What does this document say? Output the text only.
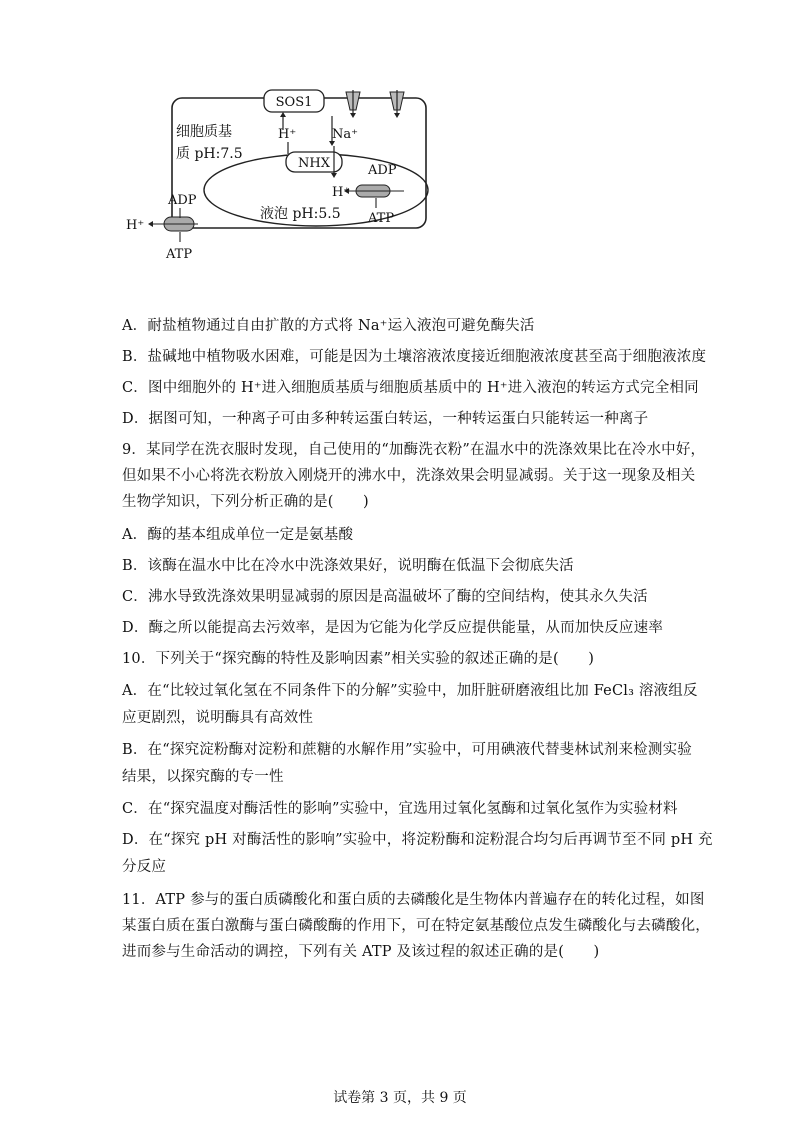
SOS1
细胞质基
质 pH:7.5
H⁺	Na⁺
NHX
液泡 pH:5.5
ADP
H⁺
ATP
ADP
H⁺
ATP
A．耐盐植物通过自由扩散的方式将 Na⁺运入液泡可避免酶失活
B．盐碱地中植物吸水困难，可能是因为土壤溶液浓度接近细胞液浓度甚至高于细胞液浓度
C．图中细胞外的 H⁺进入细胞质基质与细胞质基质中的 H⁺进入液泡的转运方式完全相同
D．据图可知，一种离子可由多种转运蛋白转运，一种转运蛋白只能转运一种离子
9．某同学在洗衣服时发现，自己使用的“加酶洗衣粉”在温水中的洗涤效果比在冷水中好，
但如果不小心将洗衣粉放入刚烧开的沸水中，洗涤效果会明显减弱。关于这一现象及相关
生物学知识，下列分析正确的是(　　)
A．酶的基本组成单位一定是氨基酸
B．该酶在温水中比在冷水中洗涤效果好，说明酶在低温下会彻底失活
C．沸水导致洗涤效果明显减弱的原因是高温破坏了酶的空间结构，使其永久失活
D．酶之所以能提高去污效率，是因为它能为化学反应提供能量，从而加快反应速率
10．下列关于“探究酶的特性及影响因素”相关实验的叙述正确的是(　　)
A．在“比较过氧化氢在不同条件下的分解”实验中，加肝脏研磨液组比加 FeCl₃ 溶液组反
应更剧烈，说明酶具有高效性
B．在“探究淀粉酶对淀粉和蔗糖的水解作用”实验中，可用碘液代替斐林试剂来检测实验
结果，以探究酶的专一性
C．在“探究温度对酶活性的影响”实验中，宜选用过氧化氢酶和过氧化氢作为实验材料
D．在“探究 pH 对酶活性的影响”实验中，将淀粉酶和淀粉混合均匀后再调节至不同 pH 充
分反应
11．ATP 参与的蛋白质磷酸化和蛋白质的去磷酸化是生物体内普遍存在的转化过程，如图
某蛋白质在蛋白激酶与蛋白磷酸酶的作用下，可在特定氨基酸位点发生磷酸化与去磷酸化，
进而参与生命活动的调控，下列有关 ATP 及该过程的叙述正确的是(　　)
试卷第 3 页，共 9 页
